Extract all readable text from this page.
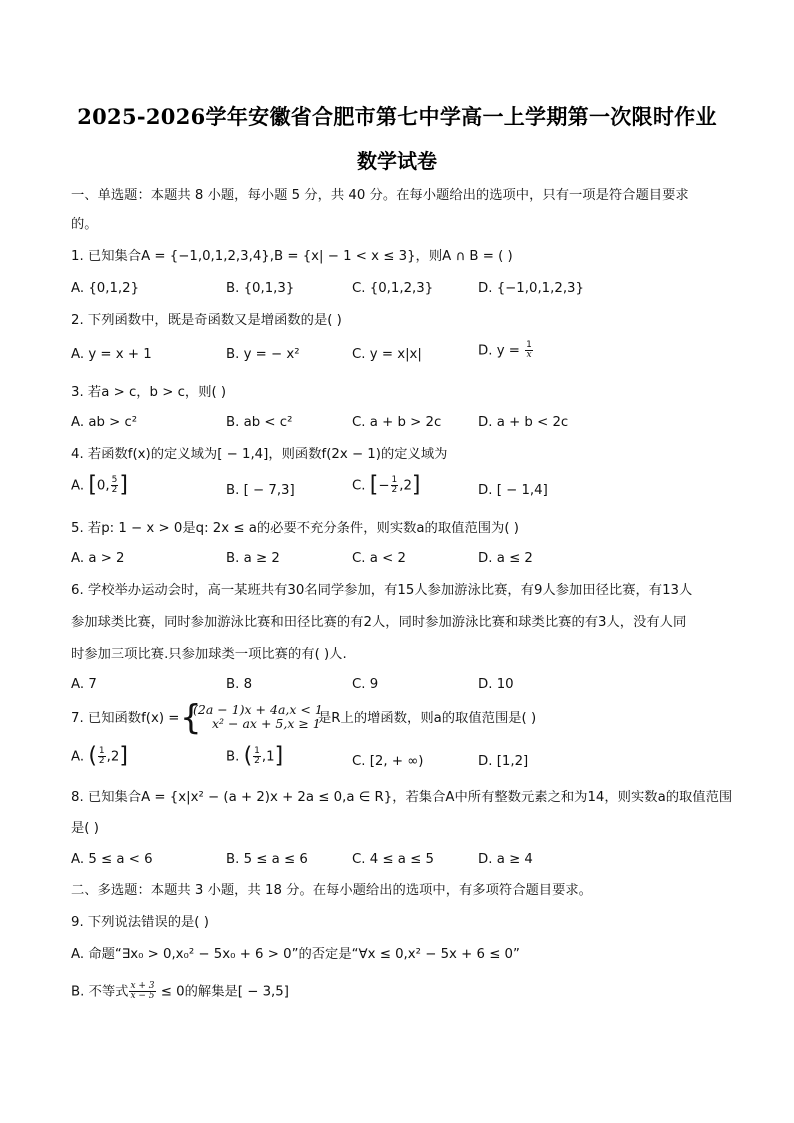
2025-2026学年安徽省合肥市第七中学高一上学期第一次限时作业
数学试卷
一、单选题：本题共 8 小题，每小题 5 分，共 40 分。在每小题给出的选项中，只有一项是符合题目要求
的。
1. 已知集合A = {−1,0,1,2,3,4},B = {x| − 1 < x ≤ 3}，则A ∩ B = ( )
A. {0,1,2}	B. {0,1,3}	C. {0,1,2,3}	D. {−1,0,1,2,3}
2. 下列函数中，既是奇函数又是增函数的是( )
A. y = x + 1	B. y = − x²	C. y = x|x|	D. $y = \frac{1}{x}$
3. 若a > c，b > c，则( )
A. ab > c²	B. ab < c²	C. a + b > 2c	D. a + b < 2c
4. 若函数f(x)的定义域为[ − 1,4]，则函数f(2x − 1)的定义域为
A. [0, $\frac{5}{2}$ ]	B. [ − 7,3]	C. [− $\frac{1}{2} ,2$]	D. [ − 1,4]
5. 若p: 1 − x > 0是q: 2x ≤ a的必要不充分条件，则实数a的取值范围为( )
A. a > 2	B. a ≥ 2	C. a < 2	D. a ≤ 2
6. 学校举办运动会时，高一某班共有30名同学参加，有15人参加游泳比赛，有9人参加田径比赛，有13人
参加球类比赛，同时参加游泳比赛和田径比赛的有2人，同时参加游泳比赛和球类比赛的有3人，没有人同
时参加三项比赛.只参加球类一项比赛的有( )人.
A. 7	B. 8	C. 9	D. 10
7. 已知函数f(x) = {
(2a − 1)x + 4a,x < 1
x² − ax + 5,x ≥ 1
是R上的增函数，则a的取值范围是( )
A. ( $\frac{1}{2} ,2$]	B. ( $\frac{1}{2} ,1$]	C. [2, + ∞)	D. [1,2]
8. 已知集合A = {x|x² − (a + 2)x + 2a ≤ 0,a ∈ R}，若集合A中所有整数元素之和为14，则实数a的取值范围
是( )
A. 5 ≤ a < 6	B. 5 ≤ a ≤ 6	C. 4 ≤ a ≤ 5	D. a ≥ 4
二、多选题：本题共 3 小题，共 18 分。在每小题给出的选项中，有多项符合题目要求。
9. 下列说法错误的是( )
A. 命题“∃x₀ > 0,x₀² − 5x₀ + 6 > 0”的否定是“∀x ≤ 0,x² − 5x + 6 ≤ 0”
B. 不等式 $\frac{x + 3}{x - 5} \le 0$的解集是[ − 3,5]
